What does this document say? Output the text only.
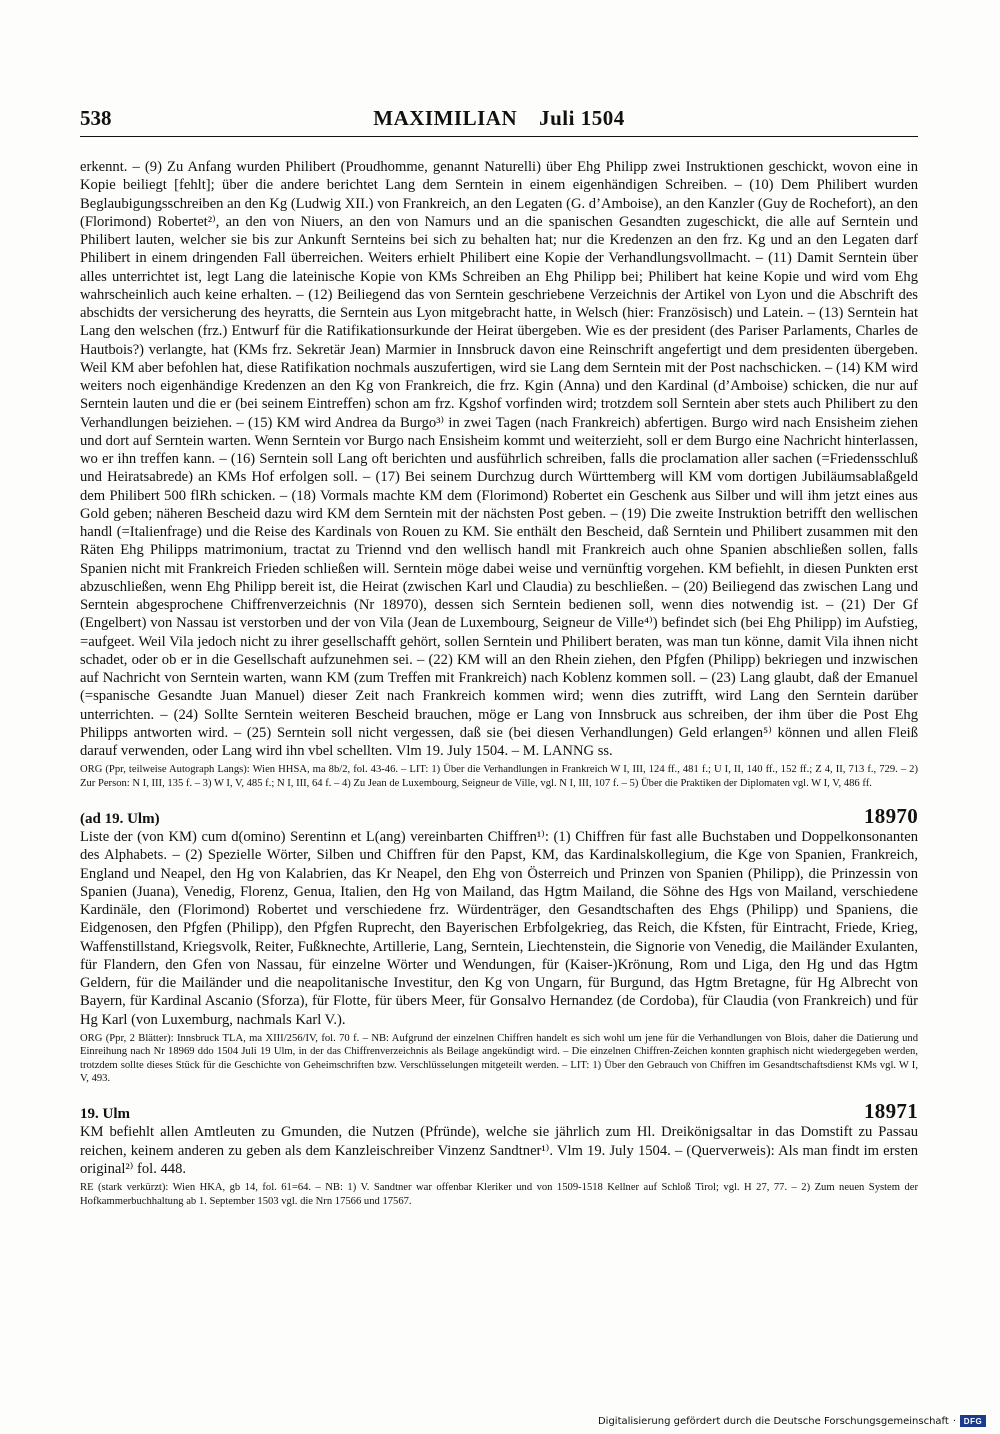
538	MAXIMILIAN Juli 1504

erkennt. – (9) Zu Anfang wurden Philibert (Proudhomme, genannt Naturelli) über Ehg Philipp zwei Instruktionen geschickt, wovon eine in Kopie beiliegt [fehlt]; über die andere berichtet Lang dem Serntein in einem eigenhändigen Schreiben. – (10) Dem Philibert wurden Beglaubigungsschreiben an den Kg (Ludwig XII.) von Frankreich, an den Legaten (G. d’Amboise), an den Kanzler (Guy de Rochefort), an den (Florimond) Robertet²⁾, an den von Niuers, an den von Namurs und an die spanischen Gesandten zugeschickt, die alle auf Serntein und Philibert lauten, welcher sie bis zur Ankunft Sernteins bei sich zu behalten hat; nur die Kredenzen an den frz. Kg und an den Legaten darf Philibert in einem dringenden Fall überreichen. Weiters erhielt Philibert eine Kopie der Verhandlungsvollmacht. – (11) Damit Serntein über alles unterrichtet ist, legt Lang die lateinische Kopie von KMs Schreiben an Ehg Philipp bei; Philibert hat keine Kopie und wird vom Ehg wahrscheinlich auch keine erhalten. – (12) Beiliegend das von Serntein geschriebene Verzeichnis der Artikel von Lyon und die Abschrift des abschidts der versicherung des heyratts, die Serntein aus Lyon mitgebracht hatte, in Welsch (hier: Französisch) und Latein. – (13) Serntein hat Lang den welschen (frz.) Entwurf für die Ratifikationsurkunde der Heirat übergeben. Wie es der president (des Pariser Parlaments, Charles de Hautbois?) verlangte, hat (KMs frz. Sekretär Jean) Marmier in Innsbruck davon eine Reinschrift angefertigt und dem presidenten übergeben. Weil KM aber befohlen hat, diese Ratifikation nochmals auszufertigen, wird sie Lang dem Serntein mit der Post nachschicken. – (14) KM wird weiters noch eigenhändige Kredenzen an den Kg von Frankreich, die frz. Kgin (Anna) und den Kardinal (d’Amboise) schicken, die nur auf Serntein lauten und die er (bei seinem Eintreffen) schon am frz. Kgshof vorfinden wird; trotzdem soll Serntein aber stets auch Philibert zu den Verhandlungen beiziehen. – (15) KM wird Andrea da Burgo³⁾ in zwei Tagen (nach Frankreich) abfertigen. Burgo wird nach Ensisheim ziehen und dort auf Serntein warten. Wenn Serntein vor Burgo nach Ensisheim kommt und weiterzieht, soll er dem Burgo eine Nachricht hinterlassen, wo er ihn treffen kann. – (16) Serntein soll Lang oft berichten und ausführlich schreiben, falls die proclamation aller sachen (=Friedensschluß und Heiratsabrede) an KMs Hof erfolgen soll. – (17) Bei seinem Durchzug durch Württemberg will KM vom dortigen Jubiläumsablaßgeld dem Philibert 500 flRh schicken. – (18) Vormals machte KM dem (Florimond) Robertet ein Geschenk aus Silber und will ihm jetzt eines aus Gold geben; näheren Bescheid dazu wird KM dem Serntein mit der nächsten Post geben. – (19) Die zweite Instruktion betrifft den wellischen handl (=Italienfrage) und die Reise des Kardinals von Rouen zu KM. Sie enthält den Bescheid, daß Serntein und Philibert zusammen mit den Räten Ehg Philipps matrimonium, tractat zu Triennd vnd den wellisch handl mit Frankreich auch ohne Spanien abschließen sollen, falls Spanien nicht mit Frankreich Frieden schließen will. Serntein möge dabei weise und vernünftig vorgehen. KM befiehlt, in diesen Punkten erst abzuschließen, wenn Ehg Philipp bereit ist, die Heirat (zwischen Karl und Claudia) zu beschließen. – (20) Beiliegend das zwischen Lang und Serntein abgesprochene Chiffrenverzeichnis (Nr 18970), dessen sich Serntein bedienen soll, wenn dies notwendig ist. – (21) Der Gf (Engelbert) von Nassau ist verstorben und der von Vila (Jean de Luxembourg, Seigneur de Ville⁴⁾) befindet sich (bei Ehg Philipp) im Aufstieg, =aufgeet. Weil Vila jedoch nicht zu ihrer gesellschafft gehört, sollen Serntein und Philibert beraten, was man tun könne, damit Vila ihnen nicht schadet, oder ob er in die Gesellschaft aufzunehmen sei. – (22) KM will an den Rhein ziehen, den Pfgfen (Philipp) bekriegen und inzwischen auf Nachricht von Serntein warten, wann KM (zum Treffen mit Frankreich) nach Koblenz kommen soll. – (23) Lang glaubt, daß der Emanuel (=spanische Gesandte Juan Manuel) dieser Zeit nach Frankreich kommen wird; wenn dies zutrifft, wird Lang den Serntein darüber unterrichten. – (24) Sollte Serntein weiteren Bescheid brauchen, möge er Lang von Innsbruck aus schreiben, der ihm über die Post Ehg Philipps antworten wird. – (25) Serntein soll nicht vergessen, daß sie (bei diesen Verhandlungen) Geld erlangen⁵⁾ können und allen Fleiß darauf verwenden, oder Lang wird ihn vbel schellten. Vlm 19. July 1504. – M. LANNG ss.

ORG (Ppr, teilweise Autograph Langs): Wien HHSA, ma 8b/2, fol. 43-46. – LIT: 1) Über die Verhandlungen in Frankreich W I, III, 124 ff., 481 f.; U I, II, 140 ff., 152 ff.; Z 4, II, 713 f., 729. – 2) Zur Person: N I, III, 135 f. – 3) W I, V, 485 f.; N I, III, 64 f. – 4) Zu Jean de Luxembourg, Seigneur de Ville, vgl. N I, III, 107 f. – 5) Über die Praktiken der Diplomaten vgl. W I, V, 486 ff.

(ad 19. Ulm)	18970

Liste der (von KM) cum d(omino) Serentinn et L(ang) vereinbarten Chiffren¹⁾: (1) Chiffren für fast alle Buchstaben und Doppelkonsonanten des Alphabets. – (2) Spezielle Wörter, Silben und Chiffren für den Papst, KM, das Kardinalskollegium, die Kge von Spanien, Frankreich, England und Neapel, den Hg von Kalabrien, das Kr Neapel, den Ehg von Österreich und Prinzen von Spanien (Philipp), die Prinzessin von Spanien (Juana), Venedig, Florenz, Genua, Italien, den Hg von Mailand, das Hgtm Mailand, die Söhne des Hgs von Mailand, verschiedene Kardinäle, den (Florimond) Robertet und verschiedene frz. Würdenträger, den Gesandtschaften des Ehgs (Philipp) und Spaniens, die Eidgenosen, den Pfgfen (Philipp), den Pfgfen Ruprecht, den Bayerischen Erbfolgekrieg, das Reich, die Kfsten, für Eintracht, Friede, Krieg, Waffenstillstand, Kriegsvolk, Reiter, Fußknechte, Artillerie, Lang, Serntein, Liechtenstein, die Signorie von Venedig, die Mailänder Exulanten, für Flandern, den Gfen von Nassau, für einzelne Wörter und Wendungen, für (Kaiser-)Krönung, Rom und Liga, den Hg und das Hgtm Geldern, für die Mailänder und die neapolitanische Investitur, den Kg von Ungarn, für Burgund, das Hgtm Bretagne, für Hg Albrecht von Bayern, für Kardinal Ascanio (Sforza), für Flotte, für übers Meer, für Gonsalvo Hernandez (de Cordoba), für Claudia (von Frankreich) und für Hg Karl (von Luxemburg, nachmals Karl V.).

ORG (Ppr, 2 Blätter): Innsbruck TLA, ma XIII/256/IV, fol. 70 f. – NB: Aufgrund der einzelnen Chiffren handelt es sich wohl um jene für die Verhandlungen von Blois, daher die Datierung und Einreihung nach Nr 18969 ddo 1504 Juli 19 Ulm, in der das Chiffrenverzeichnis als Beilage angekündigt wird. – Die einzelnen Chiffren-Zeichen konnten graphisch nicht wiedergegeben werden, trotzdem sollte dieses Stück für die Geschichte von Geheimschriften bzw. Verschlüsselungen mitgeteilt werden. – LIT: 1) Über den Gebrauch von Chiffren im Gesandtschaftsdienst KMs vgl. W I, V, 493.

19. Ulm	18971

KM befiehlt allen Amtleuten zu Gmunden, die Nutzen (Pfründe), welche sie jährlich zum Hl. Dreikönigsaltar in das Domstift zu Passau reichen, keinem anderen zu geben als dem Kanzleischreiber Vinzenz Sandtner¹⁾. Vlm 19. July 1504. – (Querverweis): Als man findt im ersten original²⁾ fol. 448.

RE (stark verkürzt): Wien HKA, gb 14, fol. 61=64. – NB: 1) V. Sandtner war offenbar Kleriker und von 1509-1518 Kellner auf Schloß Tirol; vgl. H 27, 77. – 2) Zum neuen System der Hofkammerbuchhaltung ab 1. September 1503 vgl. die Nrn 17566 und 17567.

Digitalisierung gefördert durch die Deutsche Forschungsgemeinschaft · DFG
